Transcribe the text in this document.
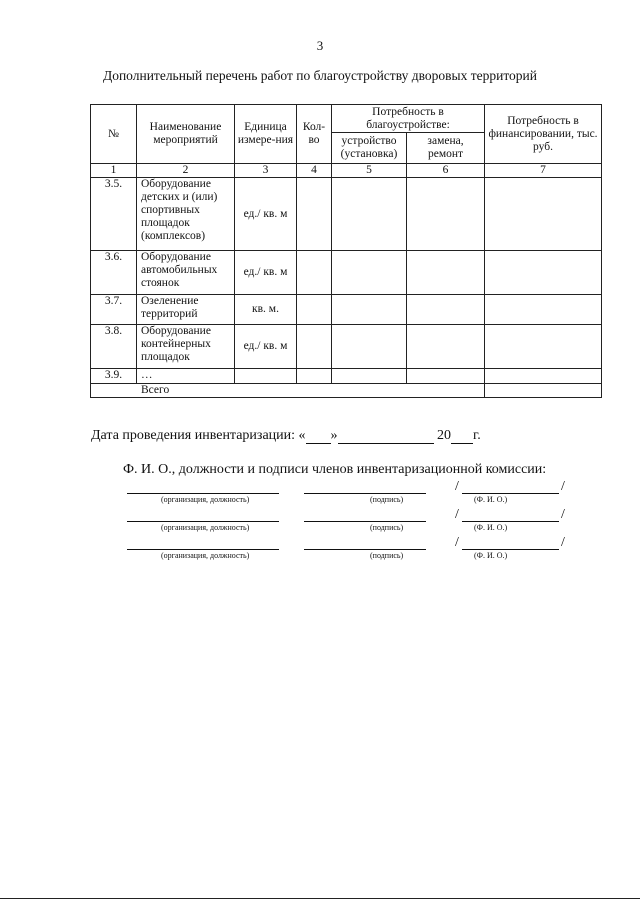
3
Дополнительный перечень работ по благоустройству дворовых территорий
№	Наименование мероприятий	Единица измере-ния	Кол-во	Потребность в благоустройстве:		Потребность в финансировании, тыс. руб.
				устройство (установка)	замена, ремонт	
1	2	3	4	5	6	7
3.5.	Оборудование детских и (или) спортивных площадок (комплексов)	ед./ кв. м				
3.6.	Оборудование автомобильных стоянок	ед./ кв. м				
3.7.	Озеленение территорий	кв. м.				
3.8.	Оборудование контейнерных площадок	ед./ кв. м				
3.9.	…					
Всего						
Дата проведения инвентаризации: « »	20 г.
Ф. И. О., должности и подписи членов инвентаризационной комиссии:
(организация, должность)	(подпись)
/	/
(Ф. И. О.)
(организация, должность)	(подпись)
/	/
(Ф. И. О.)
(организация, должность)	(подпись)
/	/
(Ф. И. О.)
